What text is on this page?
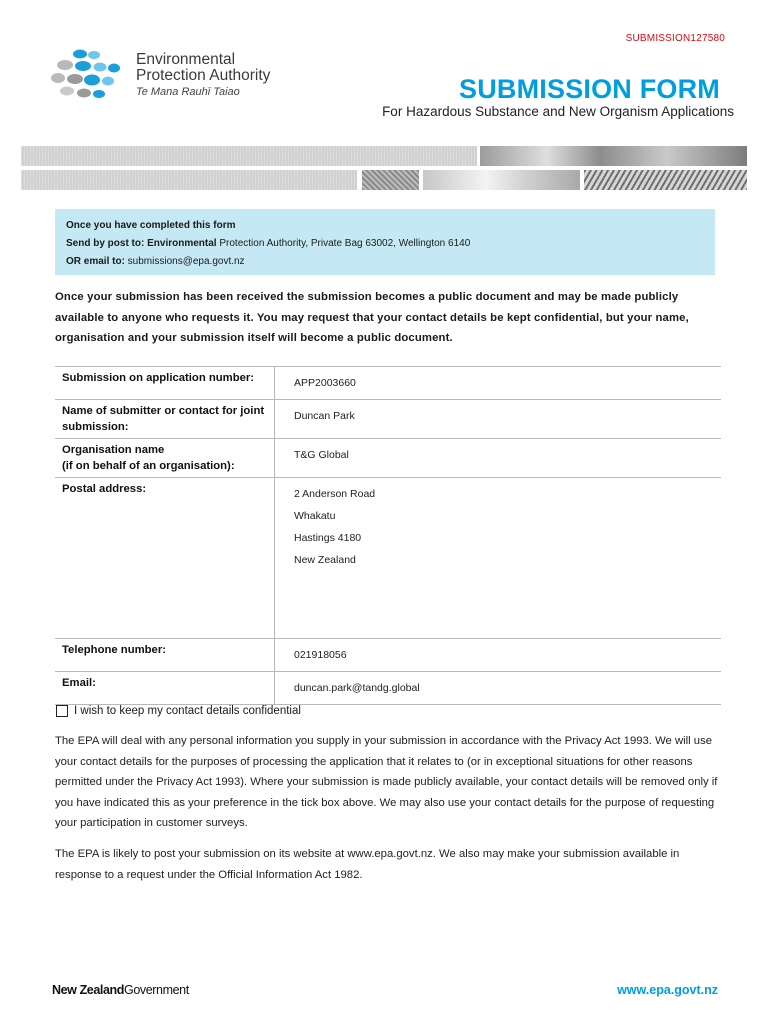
SUBMISSION127580
Environmental
Protection Authority
Te Mana Rauhī Taiao	SUBMISSION FORM
For Hazardous Substance and New Organism Applications
Once you have completed this form
Send by post to: Environmental Protection Authority, Private Bag 63002, Wellington 6140
OR email to: submissions@epa.govt.nz
Once your submission has been received the submission becomes a public document and may be made publicly available to anyone who requests it. You may request that your contact details be kept confidential, but your name, organisation and your submission itself will become a public document.
Submission on application number:	APP2003660
Name of submitter or contact for joint submission:
Duncan Park
Organisation name
(if on behalf of an organisation):
T&G Global
Postal address:	2 Anderson Road
Whakatu
Hastings 4180
New Zealand
Telephone number:	021918056
Email:	duncan.park@tandg.global
I wish to keep my contact details confidential

The EPA will deal with any personal information you supply in your submission in accordance with the Privacy Act 1993. We will use your contact details for the purposes of processing the application that it relates to (or in exceptional situations for other reasons permitted under the Privacy Act 1993). Where your submission is made publicly available, your contact details will be removed only if you have indicated this as your preference in the tick box above. We may also use your contact details for the purpose of requesting your participation in customer surveys.

The EPA is likely to post your submission on its website at www.epa.govt.nz. We also may make your submission available in response to a request under the Official Information Act 1982.

New ZealandGovernment	www.epa.govt.nz
